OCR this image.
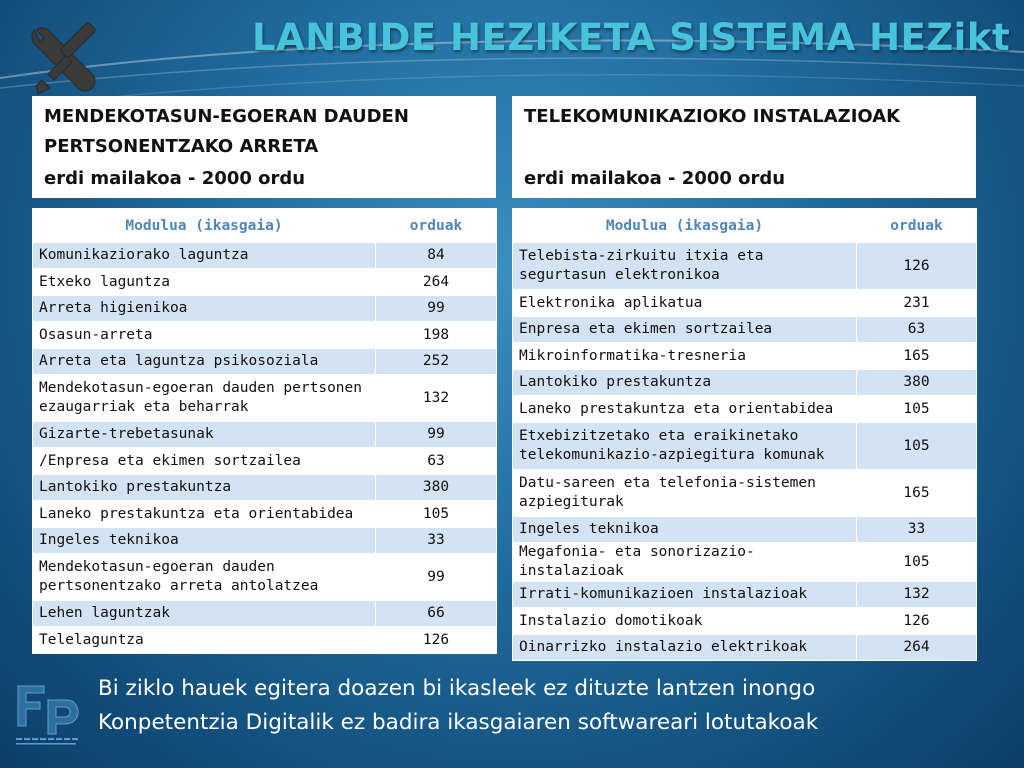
LANBIDE HEZIKETA SISTEMA HEZikt
MENDEKOTASUN-EGOERAN DAUDEN
PERTSONENTZAKO ARRETA
erdi mailakoa - 2000 ordu
TELEKOMUNIKAZIOKO INSTALAZIOAK
erdi mailakoa - 2000 ordu
Modulua (ikasgaia)	orduak
Komunikaziorako laguntza	84
Etxeko laguntza	264
Arreta higienikoa	99
Osasun-arreta	198
Arreta eta laguntza psikosoziala	252
Mendekotasun-egoeran dauden pertsonen ezaugarriak eta beharrak	132
Gizarte-trebetasunak	99
/Enpresa eta ekimen sortzailea	63
Lantokiko prestakuntza	380
Laneko prestakuntza eta orientabidea	105
Ingeles teknikoa	33
Mendekotasun-egoeran dauden pertsonentzako arreta antolatzea	99
Lehen laguntzak	66
Telelaguntza	126
Modulua (ikasgaia)	orduak
Telebista-zirkuitu itxia eta segurtasun elektronikoa	126
Elektronika aplikatua	231
Enpresa eta ekimen sortzailea	63
Mikroinformatika-tresneria	165
Lantokiko prestakuntza	380
Laneko prestakuntza eta orientabidea	105
Etxebizitzetako eta eraikinetako telekomunikazio-azpiegitura komunak	105
Datu-sareen eta telefonia-sistemen azpiegiturak	165
Ingeles teknikoa	33
Megafonia- eta sonorizazio-instalazioak	105
Irrati-komunikazioen instalazioak	132
Instalazio domotikoak	126
Oinarrizko instalazio elektrikoak	264
Bi ziklo hauek egitera doazen bi ikasleek ez dituzte lantzen inongo
Konpetentzia Digitalik ez badira ikasgaiaren softwareari lotutakoak
